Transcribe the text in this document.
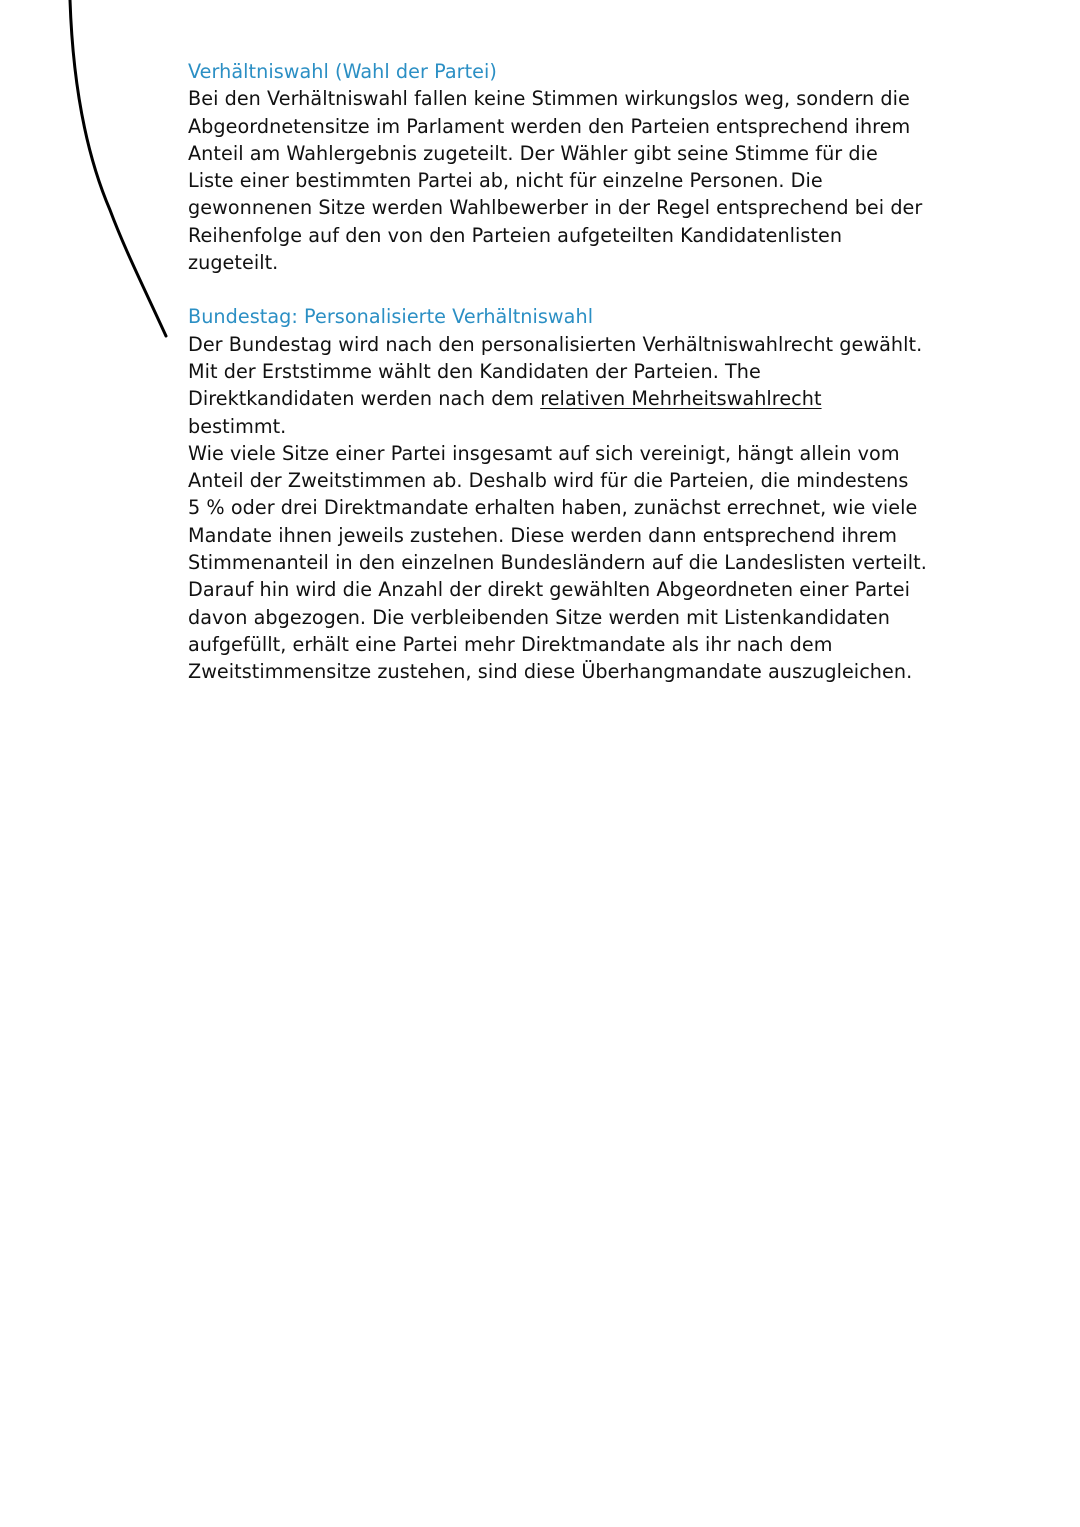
Verhältniswahl (Wahl der Partei)
Bei den Verhältniswahl fallen keine Stimmen wirkungslos weg, sondern die
Abgeordnetensitze im Parlament werden den Parteien entsprechend ihrem
Anteil am Wahlergebnis zugeteilt. Der Wähler gibt seine Stimme für die
Liste einer bestimmten Partei ab, nicht für einzelne Personen. Die
gewonnenen Sitze werden Wahlbewerber in der Regel entsprechend bei der
Reihenfolge auf den von den Parteien aufgeteilten Kandidatenlisten
zugeteilt.
Bundestag: Personalisierte Verhältniswahl
Der Bundestag wird nach den personalisierten Verhältniswahlrecht gewählt.
Mit der Erststimme wählt den Kandidaten der Parteien. The
Direktkandidaten werden nach dem relativen Mehrheitswahlrecht
bestimmt.
Wie viele Sitze einer Partei insgesamt auf sich vereinigt, hängt allein vom
Anteil der Zweitstimmen ab. Deshalb wird für die Parteien, die mindestens
5 % oder drei Direktmandate erhalten haben, zunächst errechnet, wie viele
Mandate ihnen jeweils zustehen. Diese werden dann entsprechend ihrem
Stimmenanteil in den einzelnen Bundesländern auf die Landeslisten verteilt.
Darauf hin wird die Anzahl der direkt gewählten Abgeordneten einer Partei
davon abgezogen. Die verbleibenden Sitze werden mit Listenkandidaten
aufgefüllt, erhält eine Partei mehr Direktmandate als ihr nach dem
Zweitstimmensitze zustehen, sind diese Überhangmandate auszugleichen.
